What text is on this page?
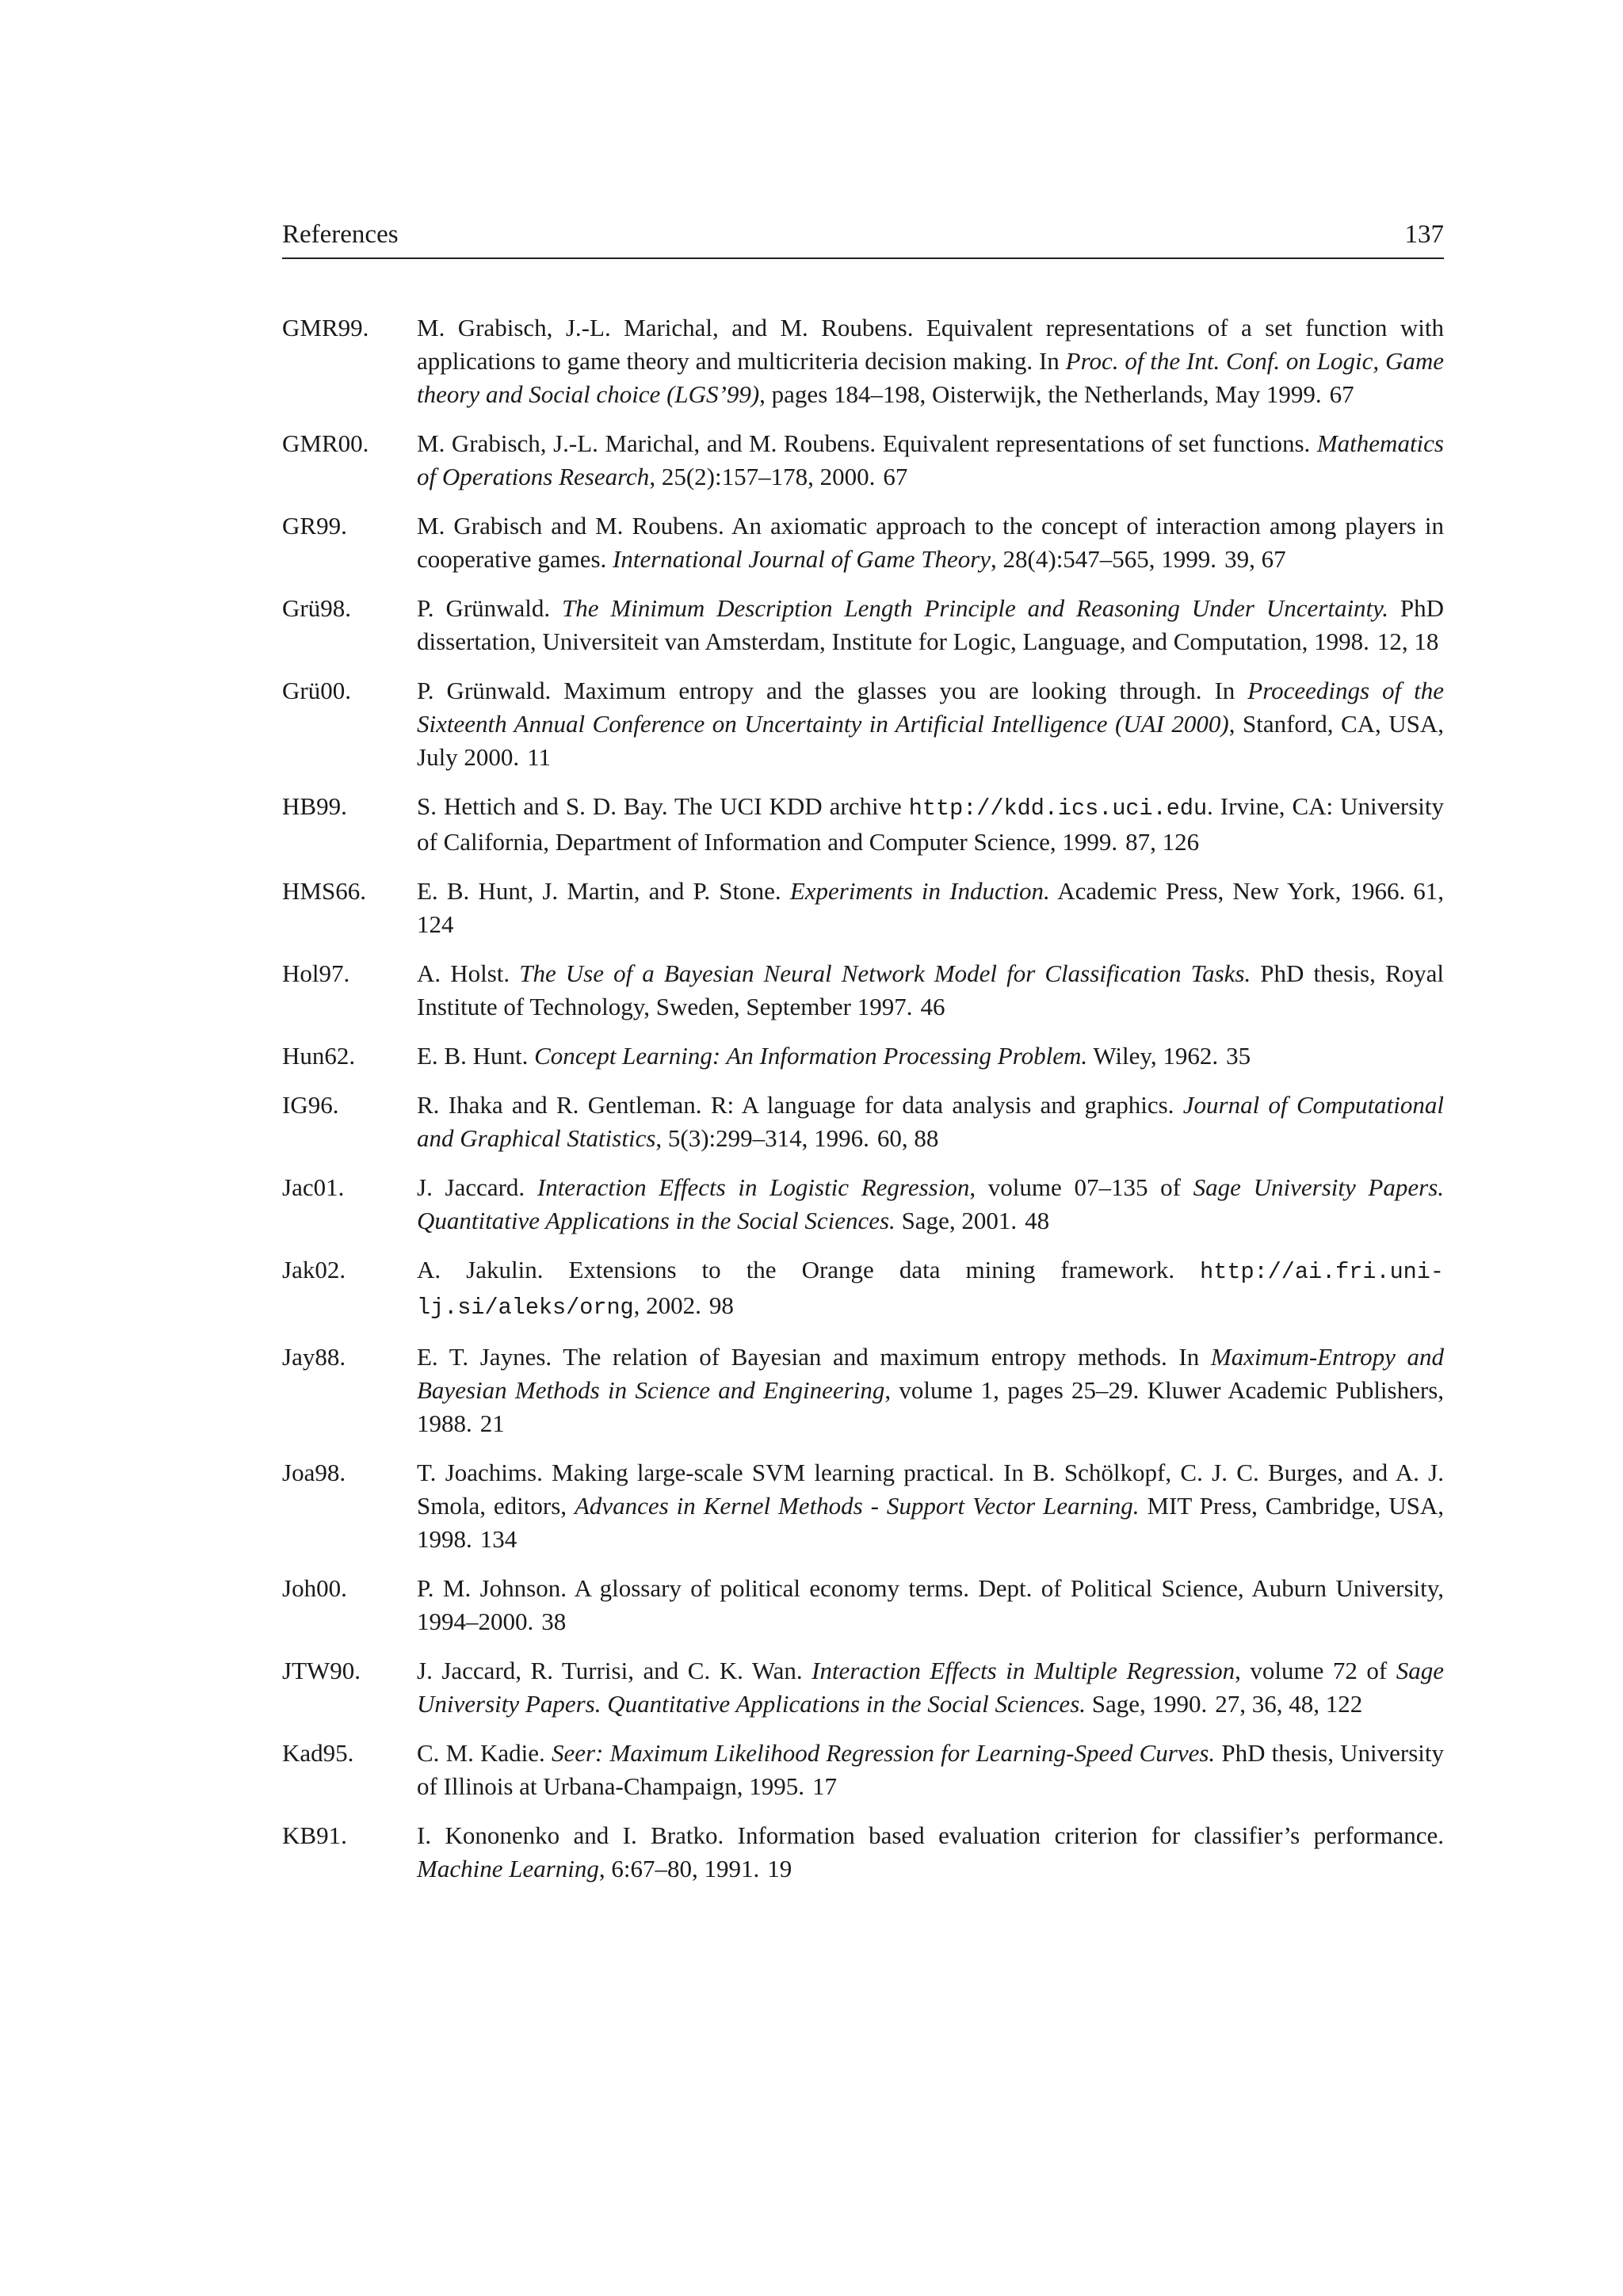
References	137
GMR99.	M. Grabisch, J.-L. Marichal, and M. Roubens. Equivalent representations of a set function with applications to game theory and multicriteria decision making. In Proc. of the Int. Conf. on Logic, Game theory and Social choice (LGS’99), pages 184–198, Oisterwijk, the Netherlands, May 1999. 67
GMR00.	M. Grabisch, J.-L. Marichal, and M. Roubens. Equivalent representations of set functions. Mathematics of Operations Research, 25(2):157–178, 2000. 67
GR99.	M. Grabisch and M. Roubens. An axiomatic approach to the concept of interaction among players in cooperative games. International Journal of Game Theory, 28(4):547–565, 1999. 39, 67
Grü98.	P. Grünwald. The Minimum Description Length Principle and Reasoning Under Uncertainty. PhD dissertation, Universiteit van Amsterdam, Institute for Logic, Language, and Computation, 1998. 12, 18
Grü00.	P. Grünwald. Maximum entropy and the glasses you are looking through. In Proceedings of the Sixteenth Annual Conference on Uncertainty in Artificial Intelligence (UAI 2000), Stanford, CA, USA, July 2000. 11
HB99.	S. Hettich and S. D. Bay. The UCI KDD archive http://kdd.ics.uci.edu. Irvine, CA: University of California, Department of Information and Computer Science, 1999. 87, 126
HMS66.	E. B. Hunt, J. Martin, and P. Stone. Experiments in Induction. Academic Press, New York, 1966. 61, 124
Hol97.	A. Holst. The Use of a Bayesian Neural Network Model for Classification Tasks. PhD thesis, Royal Institute of Technology, Sweden, September 1997. 46
Hun62.	E. B. Hunt. Concept Learning: An Information Processing Problem. Wiley, 1962. 35
IG96.	R. Ihaka and R. Gentleman. R: A language for data analysis and graphics. Journal of Computational and Graphical Statistics, 5(3):299–314, 1996. 60, 88
Jac01.	J. Jaccard. Interaction Effects in Logistic Regression, volume 07–135 of Sage University Papers. Quantitative Applications in the Social Sciences. Sage, 2001. 48
Jak02.	A. Jakulin. Extensions to the Orange data mining framework. http://ai.fri.uni-lj.si/aleks/orng, 2002. 98
Jay88.	E. T. Jaynes. The relation of Bayesian and maximum entropy methods. In Maximum-Entropy and Bayesian Methods in Science and Engineering, volume 1, pages 25–29. Kluwer Academic Publishers, 1988. 21
Joa98.	T. Joachims. Making large-scale SVM learning practical. In B. Schölkopf, C. J. C. Burges, and A. J. Smola, editors, Advances in Kernel Methods - Support Vector Learning. MIT Press, Cambridge, USA, 1998. 134
Joh00.	P. M. Johnson. A glossary of political economy terms. Dept. of Political Science, Auburn University, 1994–2000. 38
JTW90.	J. Jaccard, R. Turrisi, and C. K. Wan. Interaction Effects in Multiple Regression, volume 72 of Sage University Papers. Quantitative Applications in the Social Sciences. Sage, 1990. 27, 36, 48, 122
Kad95.	C. M. Kadie. Seer: Maximum Likelihood Regression for Learning-Speed Curves. PhD thesis, University of Illinois at Urbana-Champaign, 1995. 17
KB91.	I. Kononenko and I. Bratko. Information based evaluation criterion for classifier’s performance. Machine Learning, 6:67–80, 1991. 19
